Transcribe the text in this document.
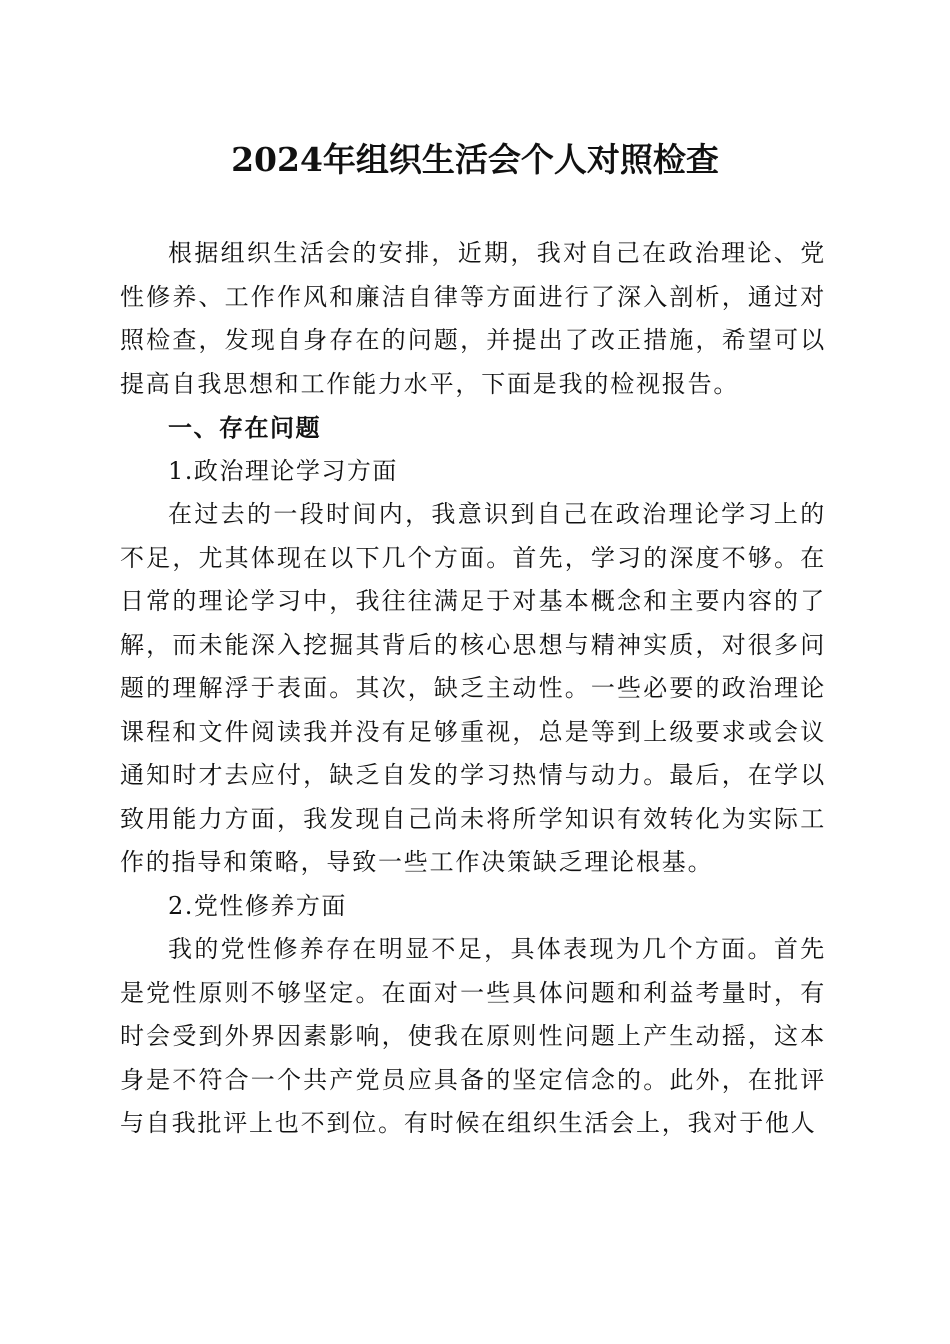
2024年组织生活会个人对照检查

根据组织生活会的安排，近期，我对自己在政治理论、党性修养、工作作风和廉洁自律等方面进行了深入剖析，通过对照检查，发现自身存在的问题，并提出了改正措施，希望可以提高自我思想和工作能力水平，下面是我的检视报告。

一、存在问题

1.政治理论学习方面

在过去的一段时间内，我意识到自己在政治理论学习上的不足，尤其体现在以下几个方面。首先，学习的深度不够。在日常的理论学习中，我往往满足于对基本概念和主要内容的了解，而未能深入挖掘其背后的核心思想与精神实质，对很多问题的理解浮于表面。其次，缺乏主动性。一些必要的政治理论课程和文件阅读我并没有足够重视，总是等到上级要求或会议通知时才去应付，缺乏自发的学习热情与动力。最后，在学以致用能力方面，我发现自己尚未将所学知识有效转化为实际工作的指导和策略，导致一些工作决策缺乏理论根基。

2.党性修养方面

我的党性修养存在明显不足，具体表现为几个方面。首先是党性原则不够坚定。在面对一些具体问题和利益考量时，有时会受到外界因素影响，使我在原则性问题上产生动摇，这本身是不符合一个共产党员应具备的坚定信念的。此外，在批评与自我批评上也不到位。有时候在组织生活会上，我对于他人
